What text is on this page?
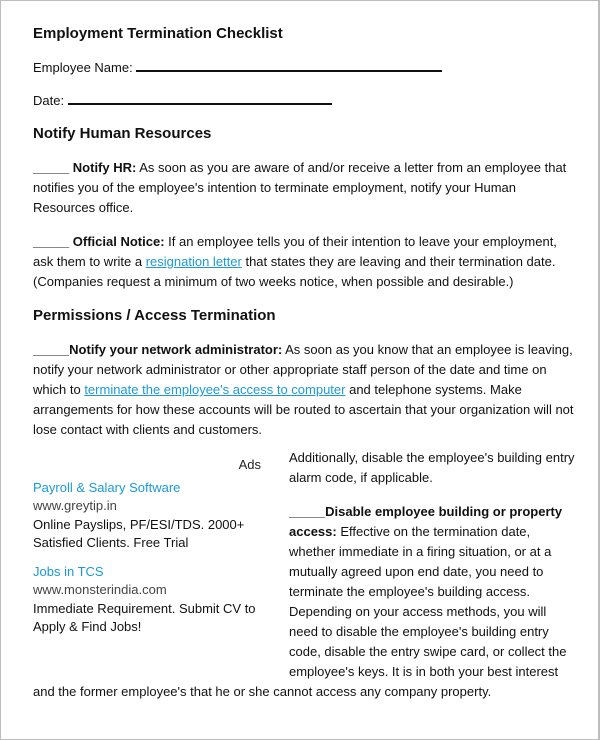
Employment Termination Checklist
Employee Name:
Date:
Notify Human Resources

_____ Notify HR: As soon as you are aware of and/or receive a letter from an employee that notifies you of the employee's intention to terminate employment, notify your Human Resources office.

_____ Official Notice: If an employee tells you of their intention to leave your employment, ask them to write a resignation letter that states they are leaving and their termination date. (Companies request a minimum of two weeks notice, when possible and desirable.)

Permissions / Access Termination

_____Notify your network administrator: As soon as you know that an employee is leaving, notify your network administrator or other appropriate staff person of the date and time on which to terminate the employee's access to computer and telephone systems. Make arrangements for how these accounts will be routed to ascertain that your organization will not lose contact with clients and customers.

Ads
Payroll & Salary Software
www.greytip.in
Online Payslips, PF/ESI/TDS. 2000+ Satisfied Clients. Free Trial
Jobs in TCS
www.monsterindia.com
Immediate Requirement. Submit CV to Apply & Find Jobs!

Additionally, disable the employee's building entry alarm code, if applicable.

_____Disable employee building or property access: Effective on the termination date, whether immediate in a firing situation, or at a mutually agreed upon end date, you need to terminate the employee's building access. Depending on your access methods, you will need to disable the employee's building entry code, disable the entry swipe card, or collect the employee's keys. It is in both your best interest and the former employee's that he or she cannot access any company property.
